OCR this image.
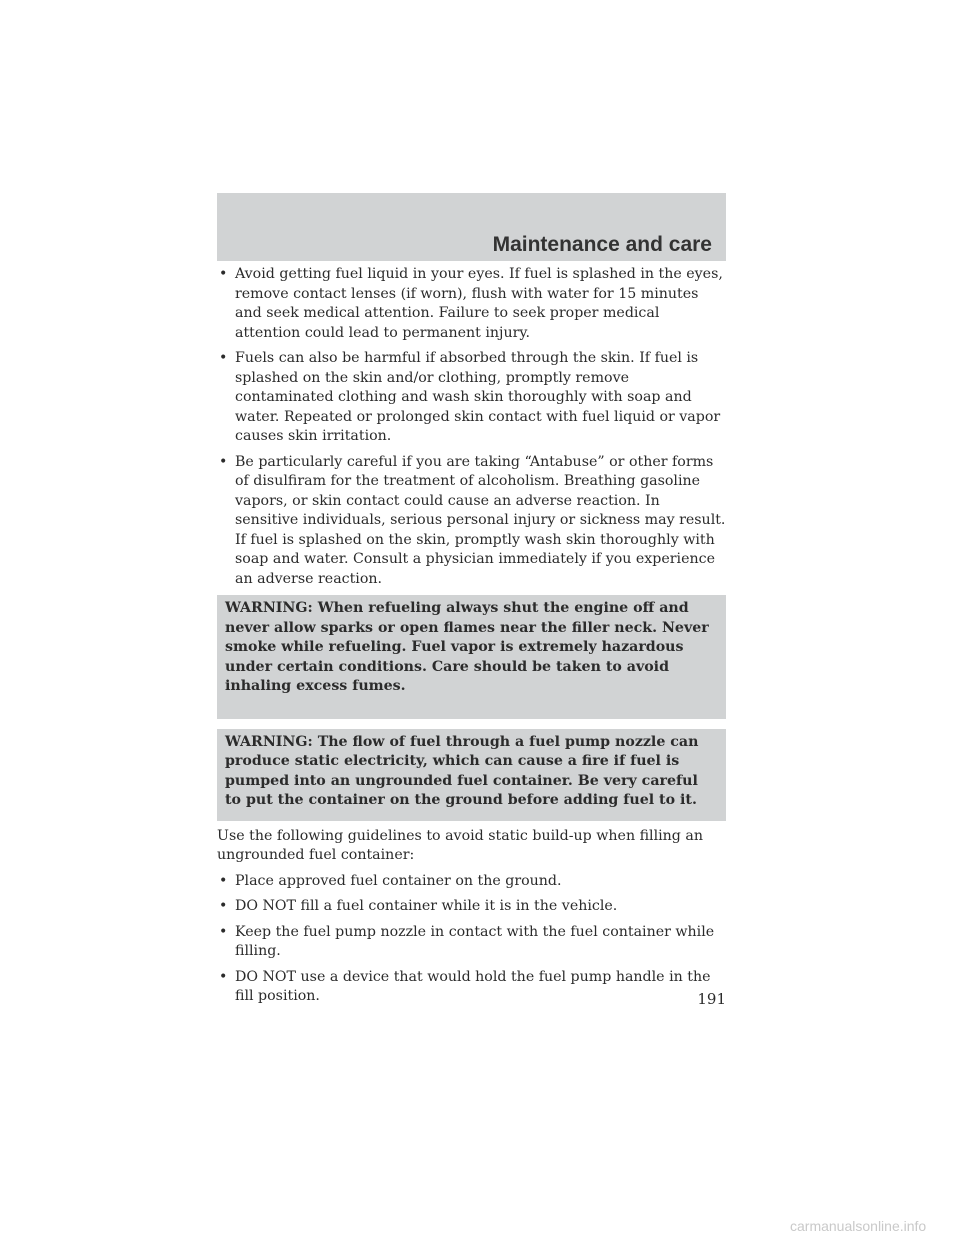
Maintenance and care
• Avoid getting fuel liquid in your eyes. If fuel is splashed in the eyes, remove contact lenses (if worn), flush with water for 15 minutes and seek medical attention. Failure to seek proper medical attention could lead to permanent injury.
• Fuels can also be harmful if absorbed through the skin. If fuel is splashed on the skin and/or clothing, promptly remove contaminated clothing and wash skin thoroughly with soap and water. Repeated or prolonged skin contact with fuel liquid or vapor causes skin irritation.
• Be particularly careful if you are taking “Antabuse” or other forms of disulfiram for the treatment of alcoholism. Breathing gasoline vapors, or skin contact could cause an adverse reaction. In sensitive individuals, serious personal injury or sickness may result. If fuel is splashed on the skin, promptly wash skin thoroughly with soap and water. Consult a physician immediately if you experience an adverse reaction.
WARNING: When refueling always shut the engine off and never allow sparks or open flames near the filler neck. Never smoke while refueling. Fuel vapor is extremely hazardous under certain conditions. Care should be taken to avoid inhaling excess fumes.
WARNING: The flow of fuel through a fuel pump nozzle can produce static electricity, which can cause a fire if fuel is pumped into an ungrounded fuel container. Be very careful to put the container on the ground before adding fuel to it.

Use the following guidelines to avoid static build-up when filling an ungrounded fuel container:

• Place approved fuel container on the ground.
• DO NOT fill a fuel container while it is in the vehicle.
• Keep the fuel pump nozzle in contact with the fuel container while filling.
• DO NOT use a device that would hold the fuel pump handle in the fill position.	191
carmanualsonline.info
